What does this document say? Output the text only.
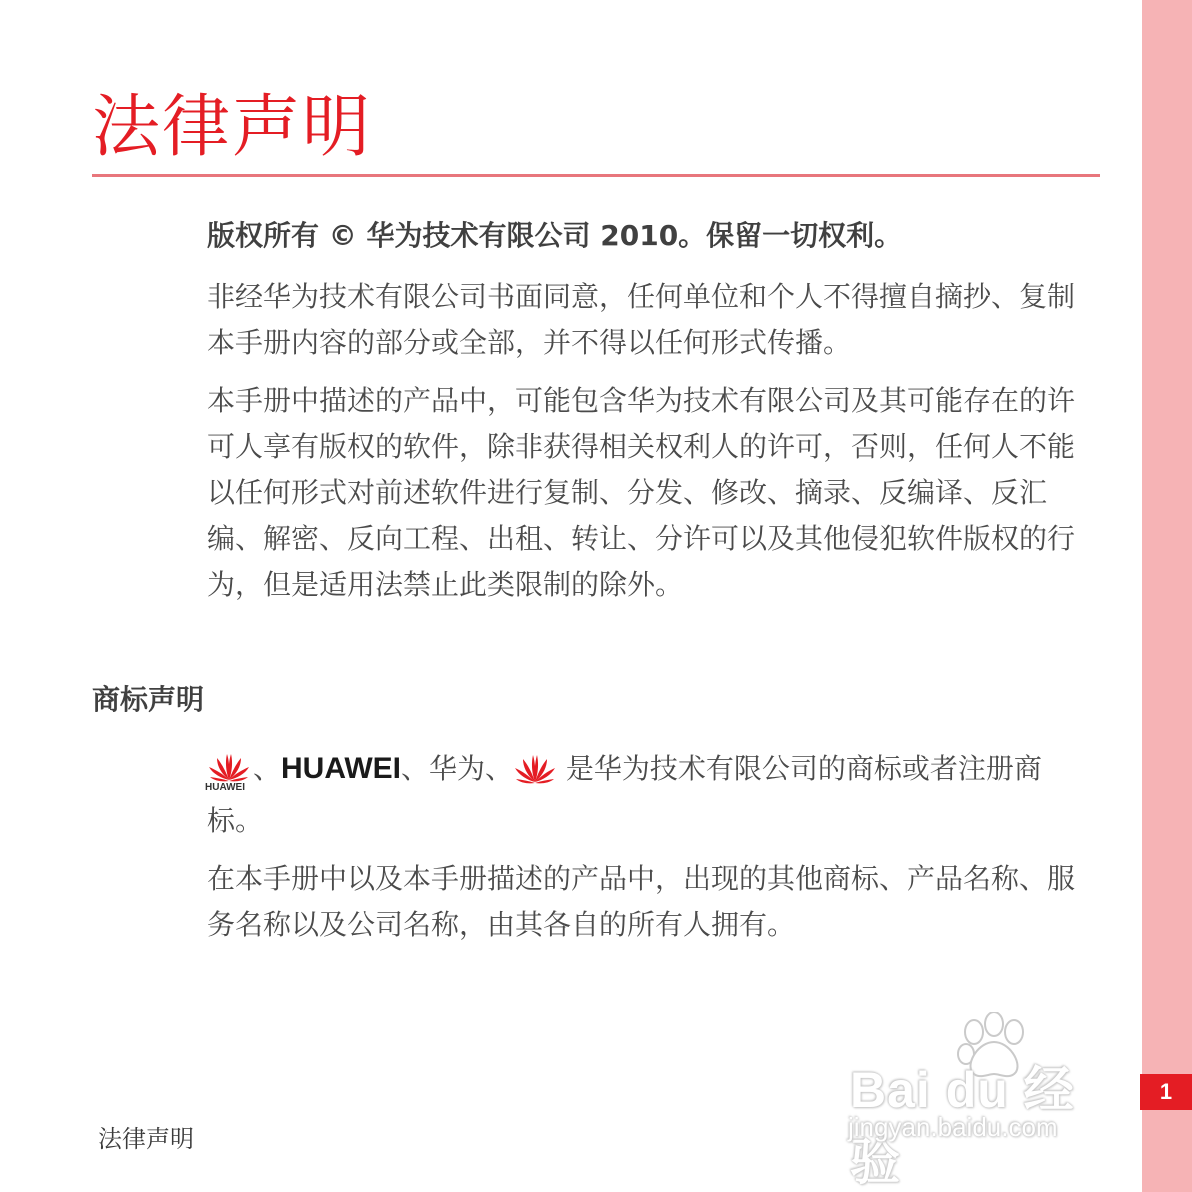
1
法律声明

版权所有 © 华为技术有限公司 2010。保留一切权利。

非经华为技术有限公司书面同意，任何单位和个人不得擅自摘抄、复制本手册内容的部分或全部，并不得以任何形式传播。

本手册中描述的产品中，可能包含华为技术有限公司及其可能存在的许可人享有版权的软件，除非获得相关权利人的许可，否则，任何人不能以任何形式对前述软件进行复制、分发、修改、摘录、反编译、反汇编、解密、反向工程、出租、转让、分许可以及其他侵犯软件版权的行为，但是适用法禁止此类限制的除外。

商标声明

HUAWEI
、HUAWEI、华为、 是华为技术有限公司的商标或者注册商标。

在本手册中以及本手册描述的产品中，出现的其他商标、产品名称、服务名称以及公司名称，由其各自的所有人拥有。

Bai du 经验
jingyan.baidu.com
法律声明
